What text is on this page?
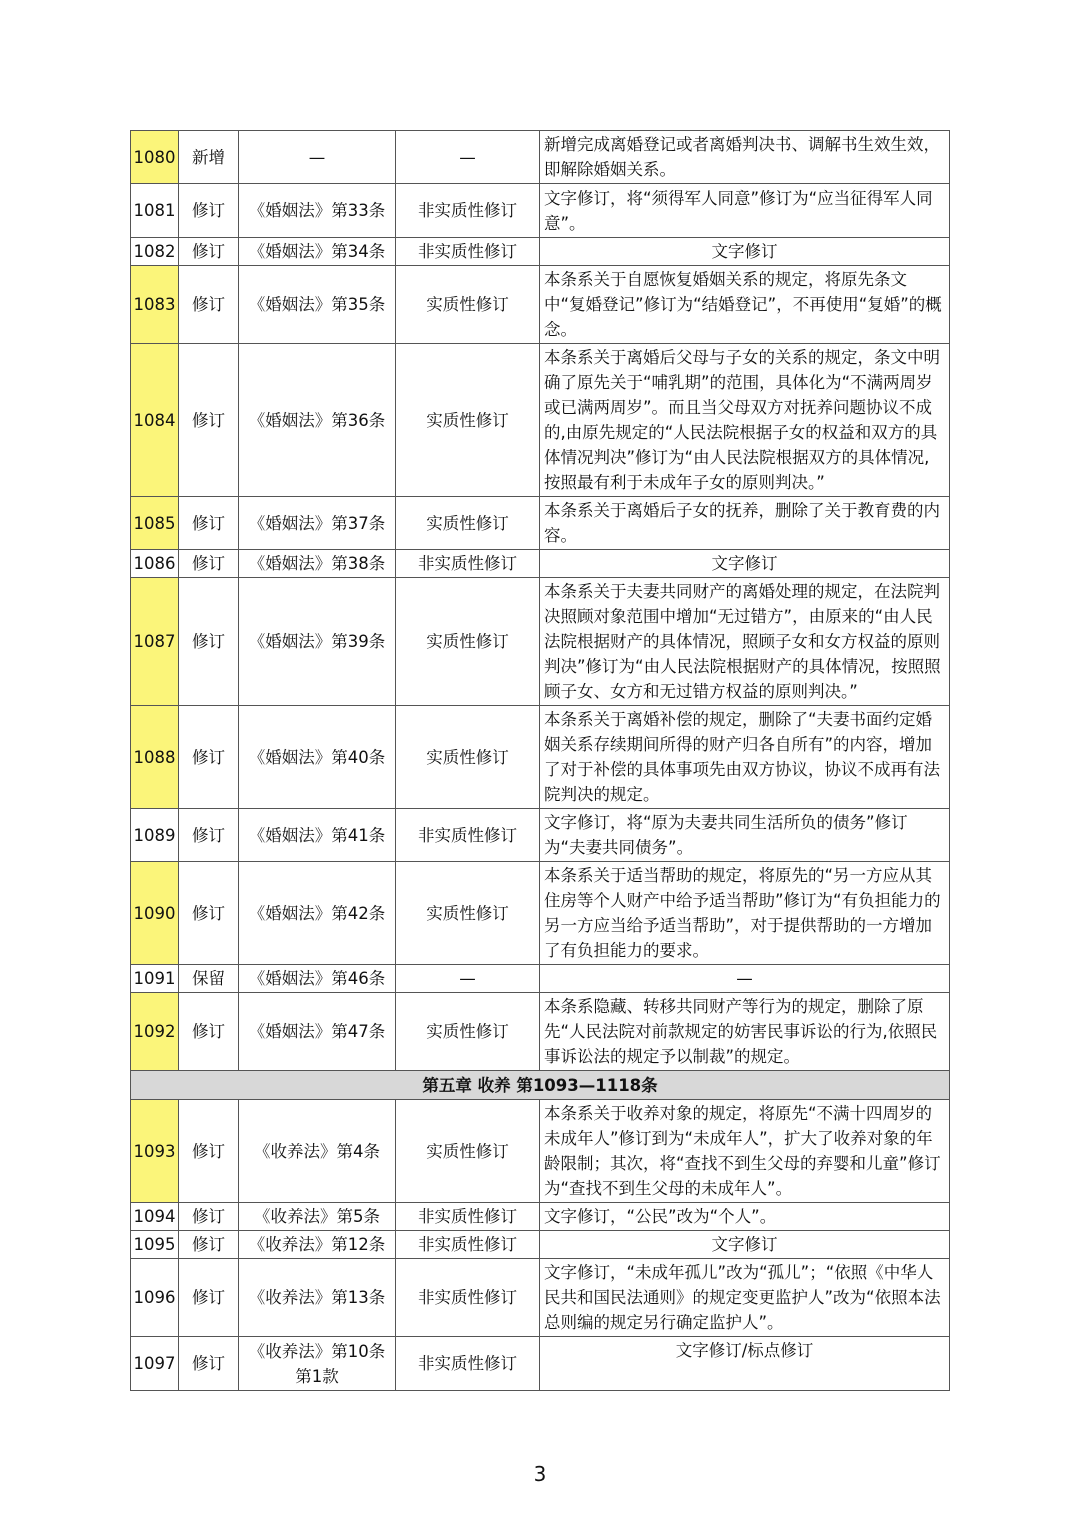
1080	新增	—	—	新增完成离婚登记或者离婚判决书、调解书生效生效，即解除婚姻关系。
1081	修订	《婚姻法》第33条	非实质性修订	文字修订，将“须得军人同意”修订为“应当征得军人同意”。
1082	修订	《婚姻法》第34条	非实质性修订	文字修订
1083	修订	《婚姻法》第35条	实质性修订	本条系关于自愿恢复婚姻关系的规定，将原先条文中“复婚登记”修订为“结婚登记”，不再使用“复婚”的概念。
1084	修订	《婚姻法》第36条	实质性修订	本条系关于离婚后父母与子女的关系的规定，条文中明确了原先关于“哺乳期”的范围，具体化为“不满两周岁或已满两周岁”。而且当父母双方对抚养问题协议不成的,由原先规定的“人民法院根据子女的权益和双方的具体情况判决”修订为“由人民法院根据双方的具体情况,按照最有利于未成年子女的原则判决。”
1085	修订	《婚姻法》第37条	实质性修订	本条系关于离婚后子女的抚养，删除了关于教育费的内容。
1086	修订	《婚姻法》第38条	非实质性修订	文字修订
1087	修订	《婚姻法》第39条	实质性修订	本条系关于夫妻共同财产的离婚处理的规定，在法院判决照顾对象范围中增加“无过错方”，由原来的“由人民法院根据财产的具体情况，照顾子女和女方权益的原则判决”修订为“由人民法院根据财产的具体情况，按照照顾子女、女方和无过错方权益的原则判决。”
1088	修订	《婚姻法》第40条	实质性修订	本条系关于离婚补偿的规定，删除了“夫妻书面约定婚姻关系存续期间所得的财产归各自所有”的内容，增加了对于补偿的具体事项先由双方协议，协议不成再有法院判决的规定。
1089	修订	《婚姻法》第41条	非实质性修订	文字修订，将“原为夫妻共同生活所负的债务”修订为“夫妻共同债务”。
1090	修订	《婚姻法》第42条	实质性修订	本条系关于适当帮助的规定，将原先的“另一方应从其住房等个人财产中给予适当帮助”修订为“有负担能力的另一方应当给予适当帮助”，对于提供帮助的一方增加了有负担能力的要求。
1091	保留	《婚姻法》第46条	—	—
1092	修订	《婚姻法》第47条	实质性修订	本条系隐藏、转移共同财产等行为的规定，删除了原先“人民法院对前款规定的妨害民事诉讼的行为,依照民事诉讼法的规定予以制裁”的规定。
第五章 收养 第1093—1118条				
1093	修订	《收养法》第4条	实质性修订	本条系关于收养对象的规定，将原先“不满十四周岁的未成年人”修订到为“未成年人”，扩大了收养对象的年龄限制；其次，将“查找不到生父母的弃婴和儿童”修订为“查找不到生父母的未成年人”。
1094	修订	《收养法》第5条	非实质性修订	文字修订，“公民”改为“个人”。
1095	修订	《收养法》第12条	非实质性修订	文字修订
1096	修订	《收养法》第13条	非实质性修订	文字修订，“未成年孤儿”改为“孤儿”；“依照《中华人民共和国民法通则》的规定变更监护人”改为“依照本法总则编的规定另行确定监护人”。
1097	修订	《收养法》第10条第1款	非实质性修订	文字修订/标点修订
3
